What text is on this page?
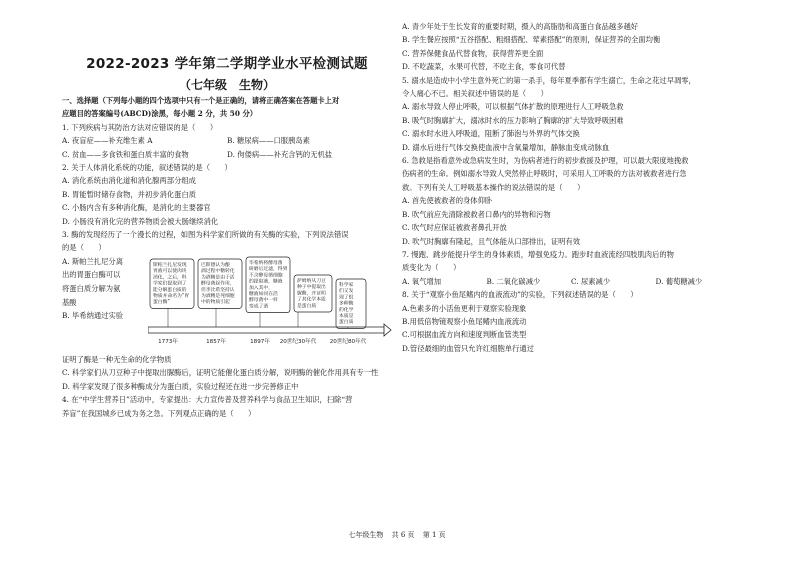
2022-2023 学年第二学期学业水平检测试题
（七年级　生物）
一、选择题（下列每小题的四个选项中只有一个是正确的，请将正确答案在答题卡上对
应题目的答案编号(ABCD)涂黑，每小题 2 分，共 50 分）
1. 下列疾病与其防治方法对应错误的是（　　）
A. 夜盲症——补充维生素 A	B. 糖尿病——口服胰岛素
C. 贫血——多食铁和蛋白质丰富的食物	D. 佝偻病——补充含钙的无机盐
2. 关于人体消化系统的功能，叙述错误的是（　　）
A. 消化系统由消化道和消化腺两部分组成
B. 胃能暂时储存食物，并初步消化蛋白质
C. 小肠内含有多种消化酶，是消化的主要器官
D. 小肠没有消化完的营养物质会被大肠继续消化
3. 酶的发现经历了一个漫长的过程，如图为科学家们所做的有关酶的实验，下列说法错误
的是（　　）
A. 斯帕兰扎尼分离
出的胃蛋白酶可以
将蛋白质分解为氨
基酸
B. 毕希纳通过实验
斯帕兰扎尼发现
胃液可以使肉块
消化，之后，科
学家们提取到了
能分解蛋白质的
物质并命名为“胃
蛋白酶”
巴斯德认为酿
酒过程中糖转化
为酒精是由于活
酵母菌起作用，
但李比希坚持认
为酒精是死细胞
中的物质引起
毕希纳将酵母菌
研磨后过滤，得到
不含酵母菌细胞
的提取液，糖液
加入其中，
糖液如同在活
酵母菌中一样
变成了酒
萨姆纳从刀豆
种子中提取出
脲酶，并证明
了其化学本质
是蛋白质
科学家
们又发
现了很
多种酶
的化学
本质是
蛋白质
1773年	1857年	1897年 20世纪30年代 20世纪80年代
证明了酶是一种无生命的化学物质
C. 科学家们从刀豆种子中提取出脲酶后，证明它能催化蛋白质分解，说明酶的催化作用具有专一性
D. 科学家发现了很多种酶成分为蛋白质，实验过程还在进一步完善修正中
4. 在“中学生营养日”活动中，专家提出：大力宣传普及营养科学与食品卫生知识，扫除“营
养盲”在我国城乡已成为务之急。下列观点正确的是（　　）
A. 青少年处于生长发育的重要时期，摄入的高脂肪和高蛋白食品越多越好
B. 学生餐应按照“五谷搭配、粗细搭配、荤素搭配”的原则，保证营养的全面均衡
C. 营养保健食品代替食物，获得营养更全面
D. 不吃蔬菜，水果可代替，不吃主食，零食可代替
5. 溺水是造成中小学生意外死亡的第一杀手，每年夏季都有学生溺亡，生命之花过早凋零，
令人痛心不已。相关叙述中错误的是（　　）
A. 溺水导致人停止呼吸，可以根据气体扩散的原理进行人工呼吸急救
B. 吸气时胸廓扩大，溺冰时水的压力影响了胸廓的扩大导致呼吸困难
C. 溺水时水进入呼吸道，阻断了肺泡与外界的气体交换
D. 溺水后进行气体交换使血液中含氧量增加，静脉血变成动脉血
6. 急救是指看意外或急病发生时，为伤病者进行的初步救援及护理，可以最大限度地挽救
伤病者的生命。例如溺水导致人突然停止呼吸时，可采用人工呼吸的方法对被救者进行急
救。下列有关人工呼吸基本操作的说法错误的是（　　）
A. 首先使被救者的身体仰卧
B. 吹气前应先清除被救者口鼻内的异物和污物
C. 吹气时应保证被救者鼻孔开放
D. 吹气时胸廓有隆起，且气体能从口部排出，证明有效
7. 慢跑、跳步能提升学生的身体素质，增强免疫力。跑步时血液流经四肢肌肉后的物
质变化为（　　）
A. 氧气增加	B. 二氧化碳减少	C. 尿素减少	D. 葡萄糖减少
8. 关于“观察小鱼尾鳍内的血液流动”的实验，下列叙述错误的是（　　）
A.色素多的小活鱼更利于观察实验现象
B.用低倍物镜观察小鱼尾鳍内血液流动
C.可根据血流方向和速度判断血管类型
D.管径最细的血管只允许红细胞单行通过
七年级生物 共 6 页 第 1 页
